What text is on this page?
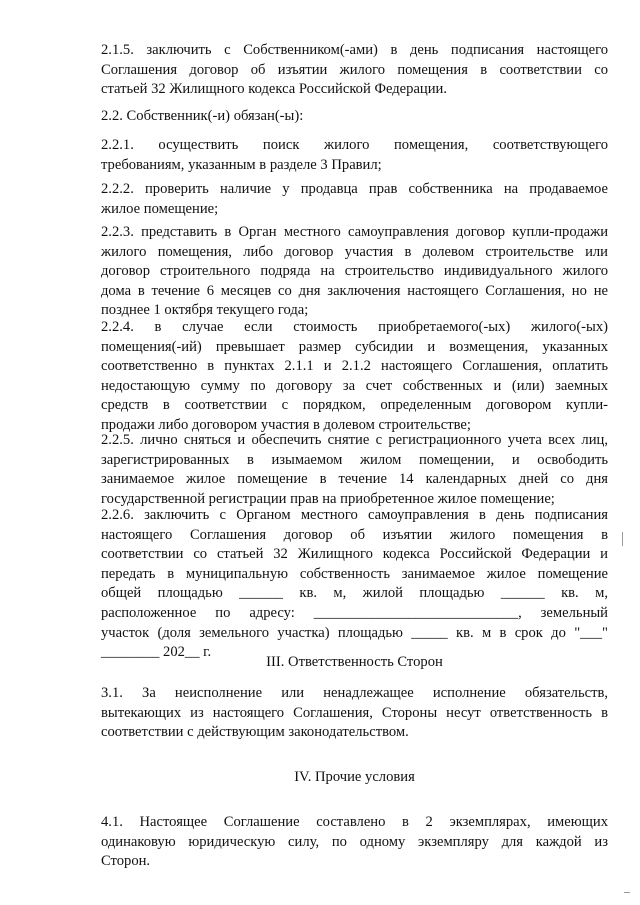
2.1.5. заключить с Собственником(-ами) в день подписания настоящего
Соглашения договор об изъятии жилого помещения в соответствии со
статьей 32 Жилищного кодекса Российской Федерации.
2.2. Собственник(-и) обязан(-ы):
2.2.1. осуществить поиск жилого помещения, соответствующего
требованиям, указанным в разделе 3 Правил;
2.2.2. проверить наличие у продавца прав собственника на продаваемое
жилое помещение;
2.2.3. представить в Орган местного самоуправления договор купли-продажи
жилого помещения, либо договор участия в долевом строительстве или
договор строительного подряда на строительство индивидуального жилого
дома в течение 6 месяцев со дня заключения настоящего Соглашения, но не
позднее 1 октября текущего года;
2.2.4. в случае если стоимость приобретаемого(-ых) жилого(-ых)
помещения(-ий) превышает размер субсидии и возмещения, указанных
соответственно в пунктах 2.1.1 и 2.1.2 настоящего Соглашения, оплатить
недостающую сумму по договору за счет собственных и (или) заемных
средств в соответствии с порядком, определенным договором купли-
продажи либо договором участия в долевом строительстве;
2.2.5. лично сняться и обеспечить снятие с регистрационного учета всех лиц,
зарегистрированных в изымаемом жилом помещении, и освободить
занимаемое жилое помещение в течение 14 календарных дней со дня
государственной регистрации прав на приобретенное жилое помещение;
2.2.6. заключить с Органом местного самоуправления в день подписания
настоящего Соглашения договор об изъятии жилого помещения в
соответствии со статьей 32 Жилищного кодекса Российской Федерации и
передать в муниципальную собственность занимаемое жилое помещение
общей площадью ______ кв. м, жилой площадью ______ кв. м,
расположенное по адресу: ____________________________, земельный
участок (доля земельного участка) площадью _____ кв. м в срок до "___"
________ 202__ г.
III. Ответственность Сторон
3.1. За неисполнение или ненадлежащее исполнение обязательств,
вытекающих из настоящего Соглашения, Стороны несут ответственность в
соответствии с действующим законодательством.
IV. Прочие условия
4.1. Настоящее Соглашение составлено в 2 экземплярах, имеющих
одинаковую юридическую силу, по одному экземпляру для каждой из
Сторон.
